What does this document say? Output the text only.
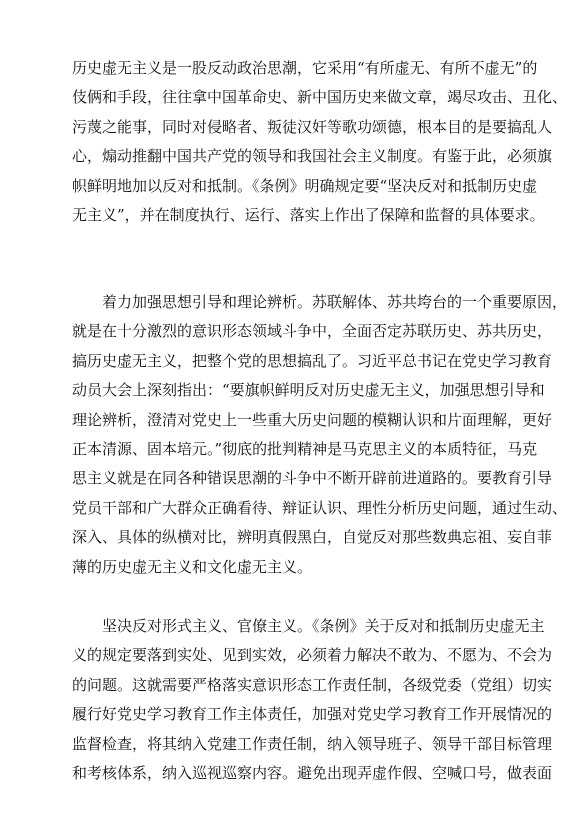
历史虚无主义是一股反动政治思潮，它采用“有所虚无、有所不虚无”的
伎俩和手段，往往拿中国革命史、新中国历史来做文章，竭尽攻击、丑化、
污蔑之能事，同时对侵略者、叛徒汉奸等歌功颂德，根本目的是要搞乱人
心，煽动推翻中国共产党的领导和我国社会主义制度。有鉴于此，必须旗
帜鲜明地加以反对和抵制。《条例》明确规定要“坚决反对和抵制历史虚
无主义”，并在制度执行、运行、落实上作出了保障和监督的具体要求。
着力加强思想引导和理论辨析。苏联解体、苏共垮台的一个重要原因，
就是在十分激烈的意识形态领域斗争中，全面否定苏联历史、苏共历史，
搞历史虚无主义，把整个党的思想搞乱了。习近平总书记在党史学习教育
动员大会上深刻指出：“要旗帜鲜明反对历史虚无主义，加强思想引导和
理论辨析，澄清对党史上一些重大历史问题的模糊认识和片面理解，更好
正本清源、固本培元。”彻底的批判精神是马克思主义的本质特征，马克
思主义就是在同各种错误思潮的斗争中不断开辟前进道路的。要教育引导
党员干部和广大群众正确看待、辩证认识、理性分析历史问题，通过生动、
深入、具体的纵横对比，辨明真假黑白，自觉反对那些数典忘祖、妄自菲
薄的历史虚无主义和文化虚无主义。
坚决反对形式主义、官僚主义。《条例》关于反对和抵制历史虚无主
义的规定要落到实处、见到实效，必须着力解决不敢为、不愿为、不会为
的问题。这就需要严格落实意识形态工作责任制，各级党委（党组）切实
履行好党史学习教育工作主体责任，加强对党史学习教育工作开展情况的
监督检查，将其纳入党建工作责任制，纳入领导班子、领导干部目标管理
和考核体系，纳入巡视巡察内容。避免出现弄虚作假、空喊口号，做表面
